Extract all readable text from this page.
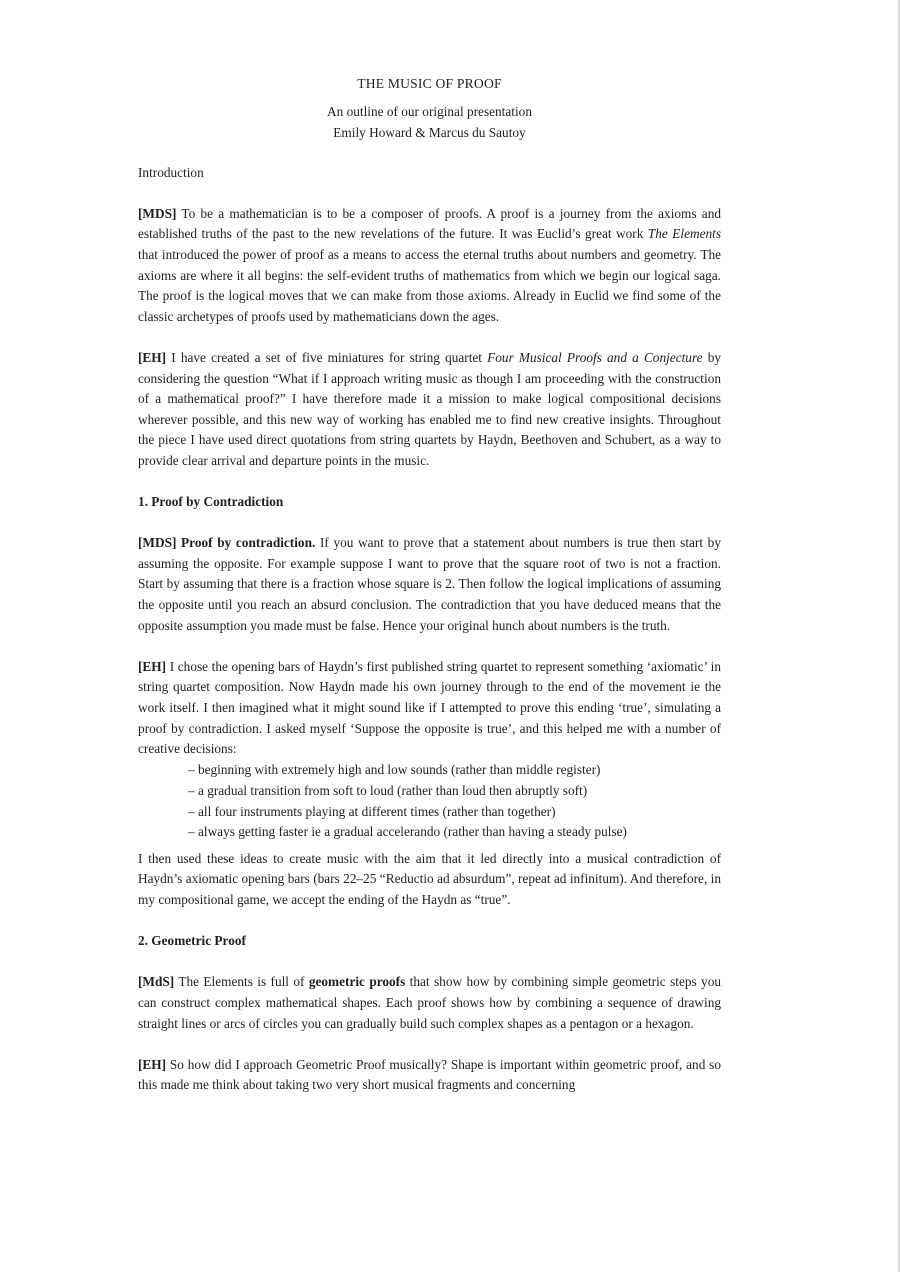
THE MUSIC OF PROOF
An outline of our original presentation
Emily Howard & Marcus du Sautoy
Introduction

[MDS] To be a mathematician is to be a composer of proofs. A proof is a journey from the axioms and established truths of the past to the new revelations of the future. It was Euclid’s great work The Elements that introduced the power of proof as a means to access the eternal truths about numbers and geometry. The axioms are where it all begins: the self-evident truths of mathematics from which we begin our logical saga. The proof is the logical moves that we can make from those axioms. Already in Euclid we find some of the classic archetypes of proofs used by mathematicians down the ages.

[EH] I have created a set of five miniatures for string quartet Four Musical Proofs and a Conjecture by considering the question “What if I approach writing music as though I am proceeding with the construction of a mathematical proof?” I have therefore made it a mission to make logical compositional decisions wherever possible, and this new way of working has enabled me to find new creative insights. Throughout the piece I have used direct quotations from string quartets by Haydn, Beethoven and Schubert, as a way to provide clear arrival and departure points in the music.

1. Proof by Contradiction

[MDS] Proof by contradiction. If you want to prove that a statement about numbers is true then start by assuming the opposite. For example suppose I want to prove that the square root of two is not a fraction. Start by assuming that there is a fraction whose square is 2. Then follow the logical implications of assuming the opposite until you reach an absurd conclusion. The contradiction that you have deduced means that the opposite assumption you made must be false. Hence your original hunch about numbers is the truth.

[EH] I chose the opening bars of Haydn’s first published string quartet to represent something ‘axiomatic’ in string quartet composition. Now Haydn made his own journey through to the end of the movement ie the work itself. I then imagined what it might sound like if I attempted to prove this ending ‘true’, simulating a proof by contradiction. I asked myself ‘Suppose the opposite is true’, and this helped me with a number of creative decisions:

– beginning with extremely high and low sounds (rather than middle register)
– a gradual transition from soft to loud (rather than loud then abruptly soft)
– all four instruments playing at different times (rather than together)
– always getting faster ie a gradual accelerando (rather than having a steady pulse)

I then used these ideas to create music with the aim that it led directly into a musical contradiction of Haydn’s axiomatic opening bars (bars 22–25 “Reductio ad absurdum”, repeat ad infinitum). And therefore, in my compositional game, we accept the ending of the Haydn as “true”.

2. Geometric Proof

[MdS] The Elements is full of geometric proofs that show how by combining simple geometric steps you can construct complex mathematical shapes. Each proof shows how by combining a sequence of drawing straight lines or arcs of circles you can gradually build such complex shapes as a pentagon or a hexagon.

[EH] So how did I approach Geometric Proof musically? Shape is important within geometric proof, and so this made me think about taking two very short musical fragments and concerning
